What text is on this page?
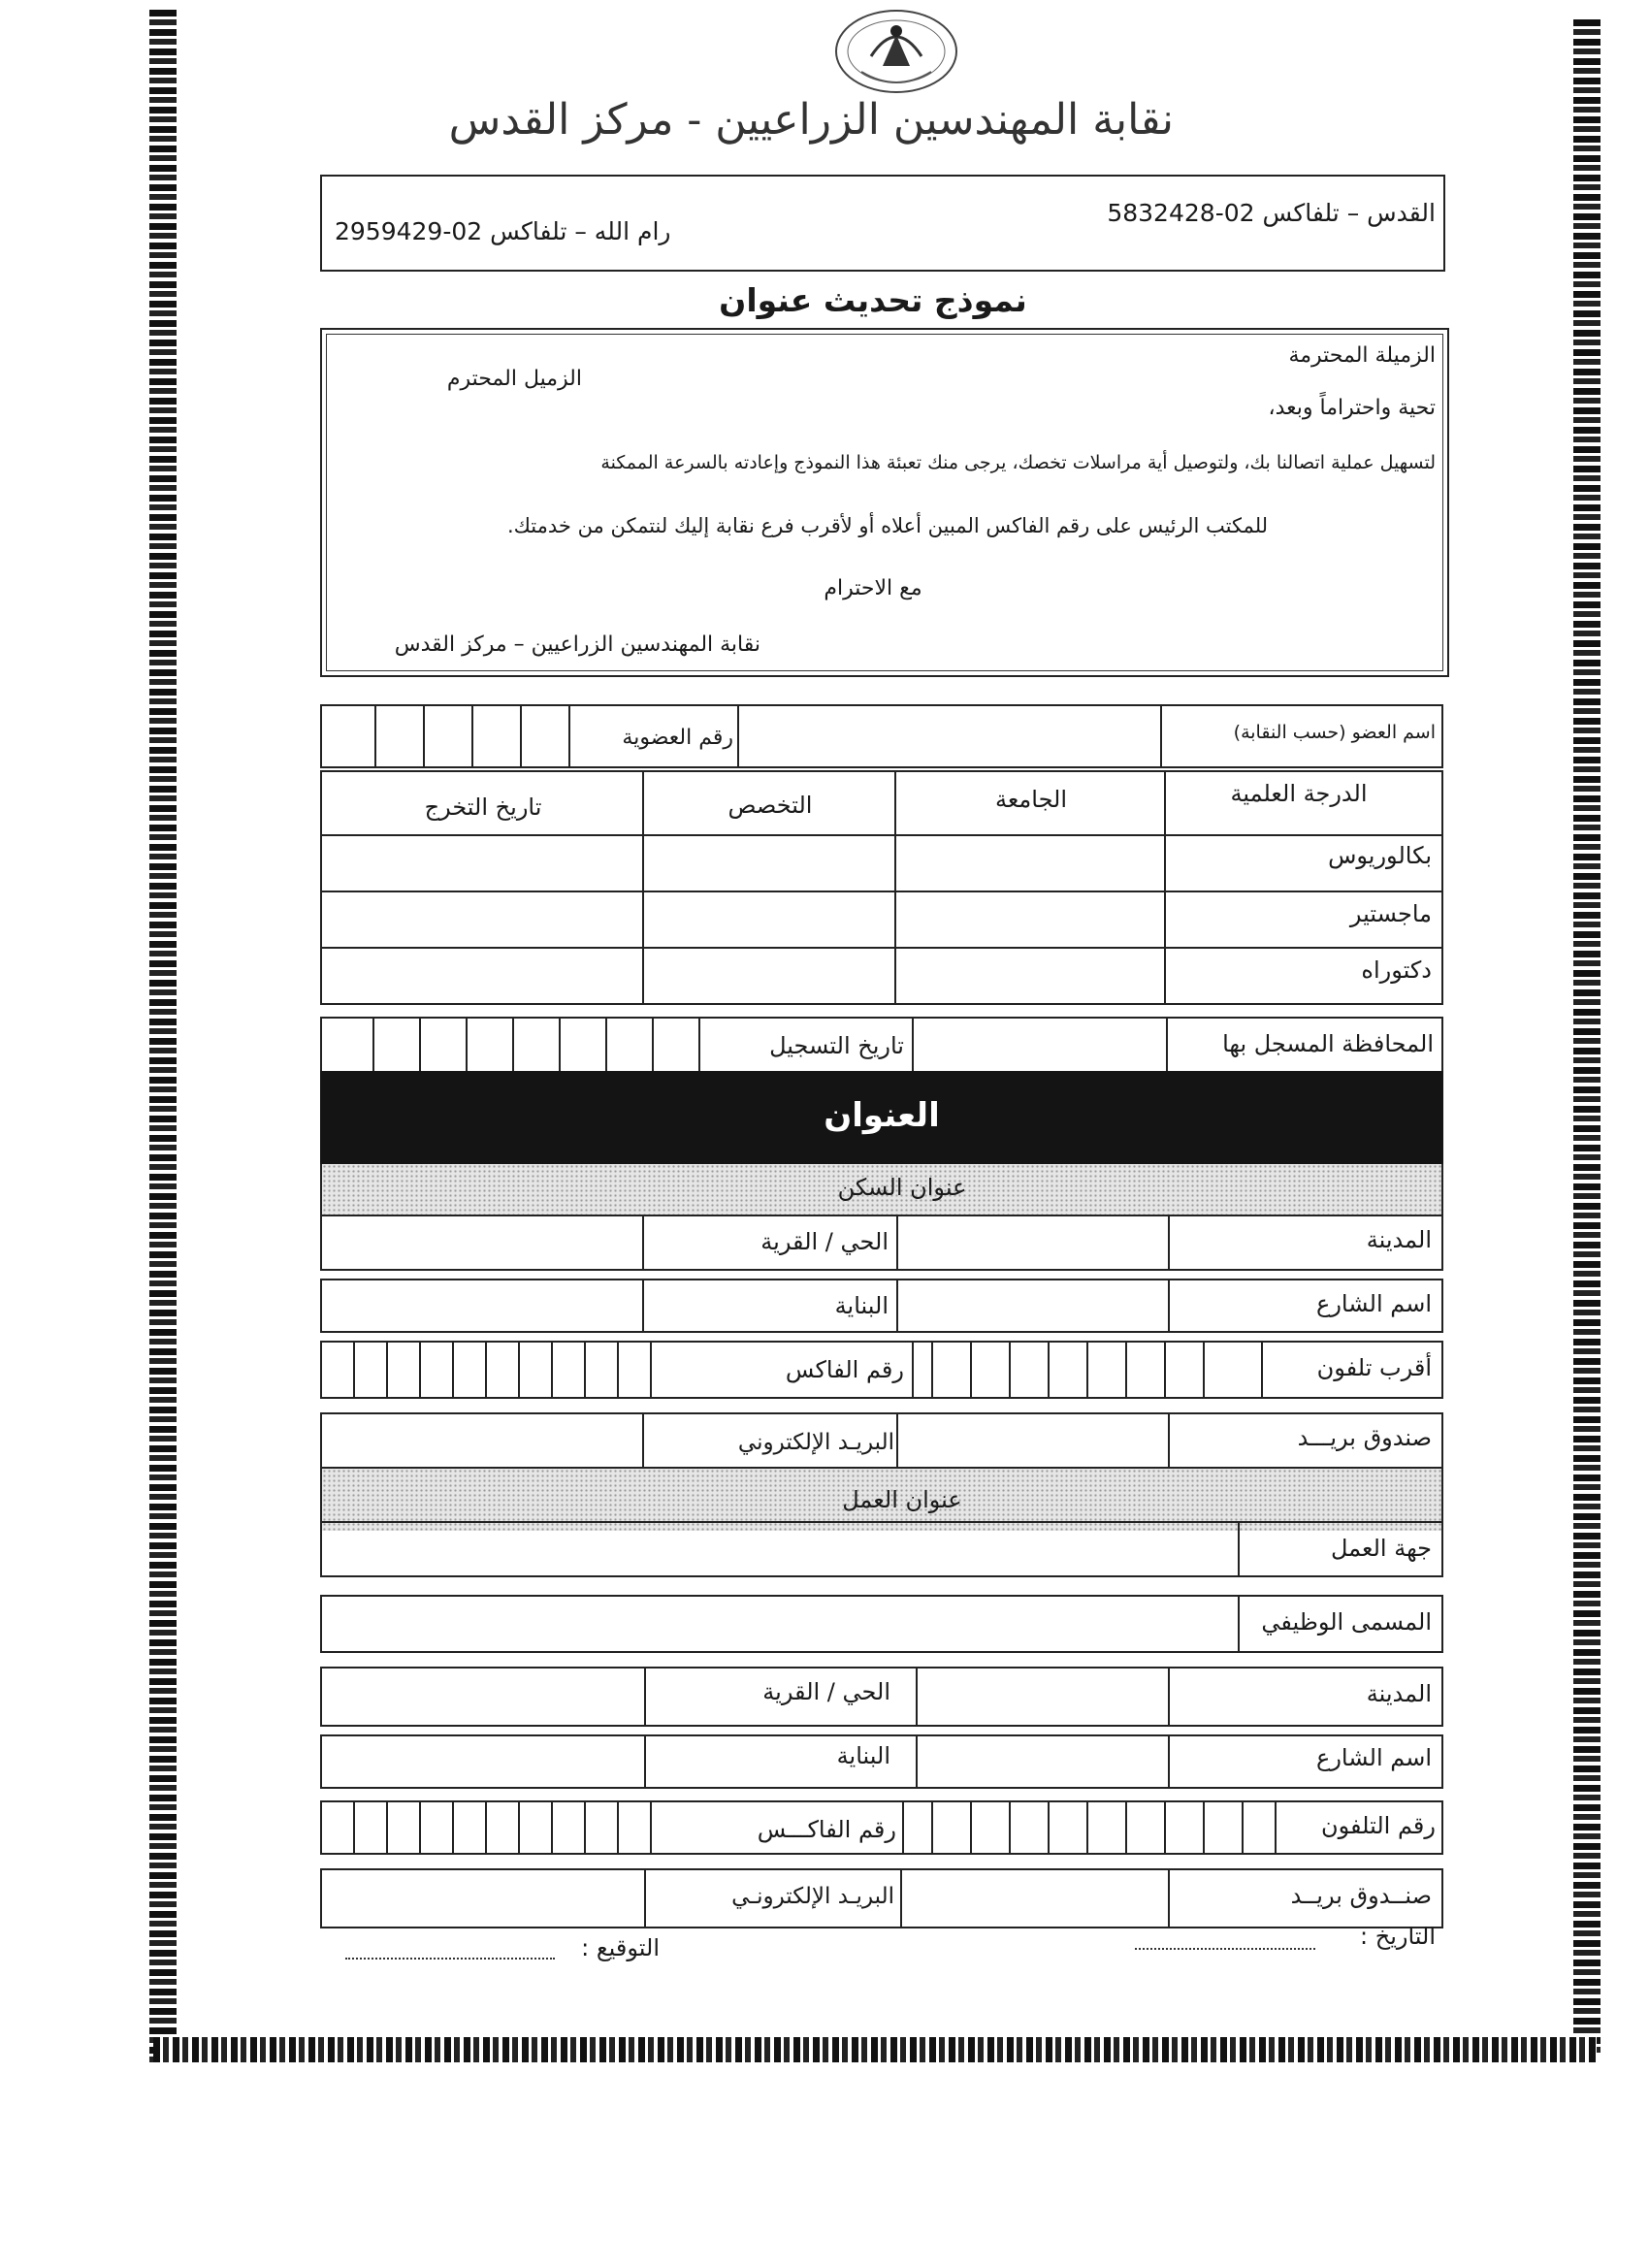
نقابة المهندسين الزراعيين - مركز القدس
القدس – تلفاكس 02-5832428
رام الله – تلفاكس 02-2959429
نموذج تحديث عنوان
الزميلة المحترمة
الزميل المحترم
تحية واحتراماً وبعد،
لتسهيل عملية اتصالنا بك، ولتوصيل أية مراسلات تخصك، يرجى منك تعبئة هذا النموذج وإعادته بالسرعة الممكنة
للمكتب الرئيس على رقم الفاكس المبين أعلاه أو لأقرب فرع نقابة إليك لنتمكن من خدمتك.
مع الاحترام
نقابة المهندسين الزراعيين – مركز القدس
اسم العضو (حسب النقابة)
رقم العضوية
الدرجة العلمية
الجامعة
التخصص
تاريخ التخرج
بكالوريوس
ماجستير
دكتوراه
المحافظة المسجل بها
تاريخ التسجيل
العنوان
عنوان السكن
المدينة
الحي / القرية
اسم الشارع
البناية
أقرب تلفون
رقم الفاكس
صندوق بريـــد
البريـد الإلكتروني
عنوان العمل
جهة العمل
المسمى الوظيفي
المدينة
الحي / القرية
اسم الشارع
البناية
رقم التلفون
رقم الفاكـــس
صنــدوق بريــد
البريـد الإلكترونـي
التاريخ :
التوقيع :
